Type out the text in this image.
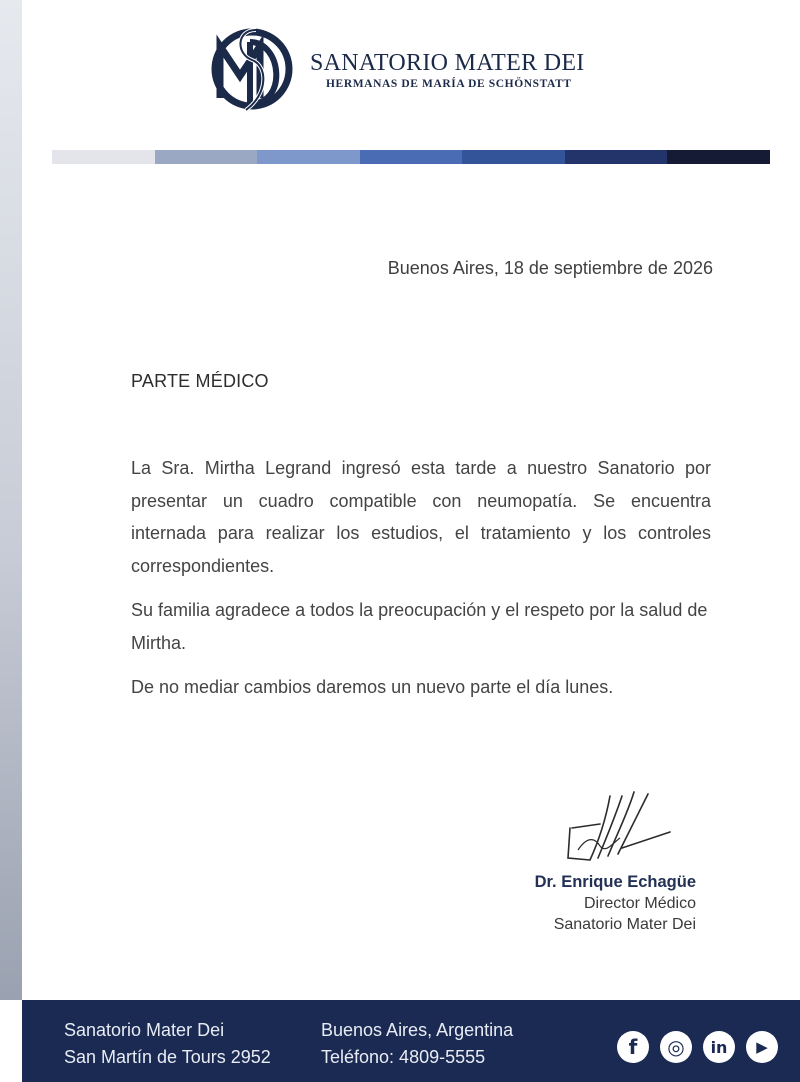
SANATORIO MATER DEI
HERMANAS DE MARÍA DE SCHÖNSTATT
Buenos Aires, 18 de septiembre de 2026
PARTE MÉDICO

La Sra. Mirtha Legrand ingresó esta tarde a nuestro Sanatorio por presentar un cuadro compatible con neumopatía. Se encuentra internada para realizar los estudios, el tratamiento y los controles correspondientes.

Su familia agradece a todos la preocupación y el respeto por la salud de Mirtha.

De no mediar cambios daremos un nuevo parte el día lunes.

Dr. Enrique Echagüe
Director Médico
Sanatorio Mater Dei
Sanatorio Mater Dei
San Martín de Tours 2952
Buenos Aires, Argentina
Teléfono: 4809-5555	f	◎	in	▶
